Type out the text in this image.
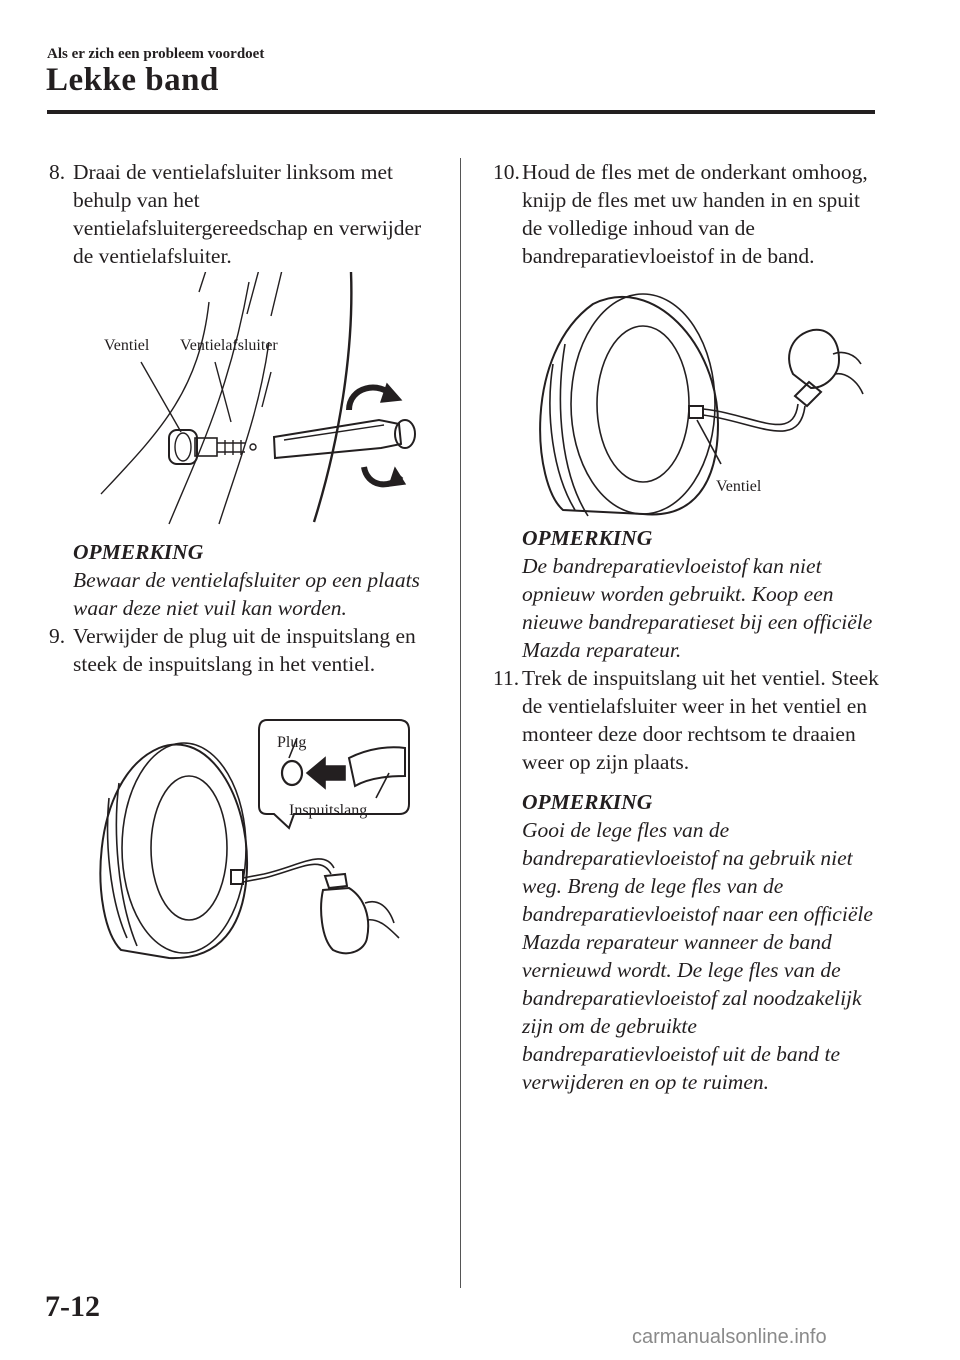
Als er zich een probleem voordoet
Lekke band
8. Draai de ventielafsluiter linksom met behulp van het ventielafsluitergereedschap en verwijder de ventielafsluiter.
Ventiel Ventielafsluiter
OPMERKING
Bewaar de ventielafsluiter op een plaats waar deze niet vuil kan worden.
9. Verwijder de plug uit de inspuitslang en steek de inspuitslang in het ventiel.
Plug
Inspuitslang
10. Houd de fles met de onderkant omhoog, knijp de fles met uw handen in en spuit de volledige inhoud van de bandreparatievloeistof in de band.
Ventiel
OPMERKING
De bandreparatievloeistof kan niet opnieuw worden gebruikt. Koop een nieuwe bandreparatieset bij een officiële Mazda reparateur.
11. Trek de inspuitslang uit het ventiel. Steek de ventielafsluiter weer in het ventiel en monteer deze door rechtsom te draaien weer op zijn plaats.
OPMERKING
Gooi de lege fles van de bandreparatievloeistof na gebruik niet weg. Breng de lege fles van de bandreparatievloeistof naar een officiële Mazda reparateur wanneer de band vernieuwd wordt. De lege fles van de bandreparatievloeistof zal noodzakelijk zijn om de gebruikte bandreparatievloeistof uit de band te verwijderen en op te ruimen.
7-12
carmanualsonline.info
